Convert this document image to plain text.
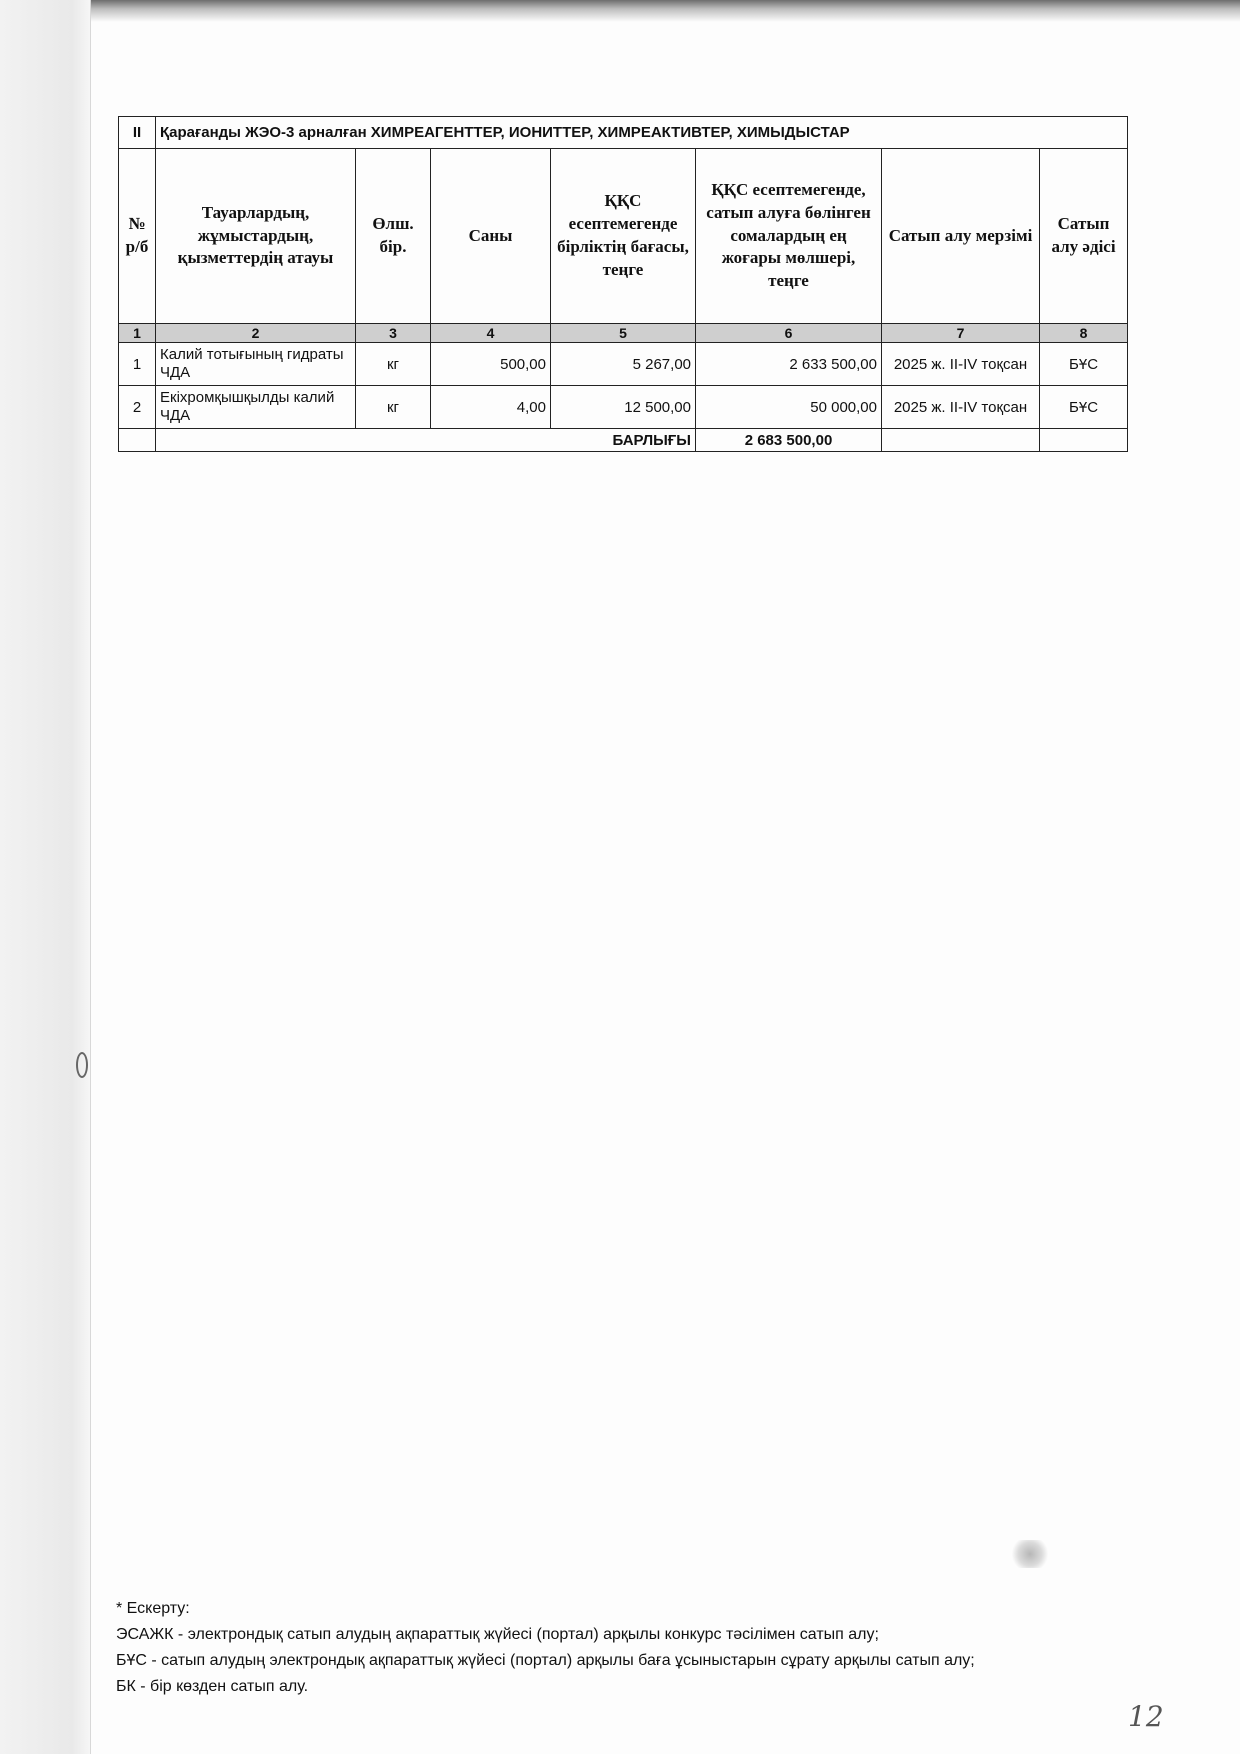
II	Қарағанды ЖЭО-3 арналған ХИМРЕАГЕНТТЕР, ИОНИТТЕР, ХИМРЕАКТИВТЕР, ХИМЫДЫСТАР						
№ р/б	Тауарлардың, жұмыстардың, қызметтердің атауы	Өлш. бір.	Саны	ҚҚС есептемегенде бірліктің бағасы, теңге	ҚҚС есептемегенде, сатып алуға бөлінген сомалардың ең жоғары мөлшері, теңге	Сатып алу мерзімі	Сатып алу әдісі
1	2	3	4	5	6	7	8
1	Калий тотығының гидраты ЧДА	кг	500,00	5 267,00	2 633 500,00	2025 ж. II-IV тоқсан	БҰС
2	Екіхромқышқылды калий ЧДА	кг	4,00	12 500,00	50 000,00	2025 ж. II-IV тоқсан	БҰС
	БАРЛЫҒЫ				2 683 500,00		
* Ескерту:
ЭСАЖК - электрондық сатып алудың ақпараттық жүйесі (портал) арқылы конкурс тәсілімен сатып алу;
БҰС - сатып алудың электрондық ақпараттық жүйесі (портал) арқылы баға ұсыныстарын сұрату арқылы сатып алу;
БК - бір көзден сатып алу.
12
